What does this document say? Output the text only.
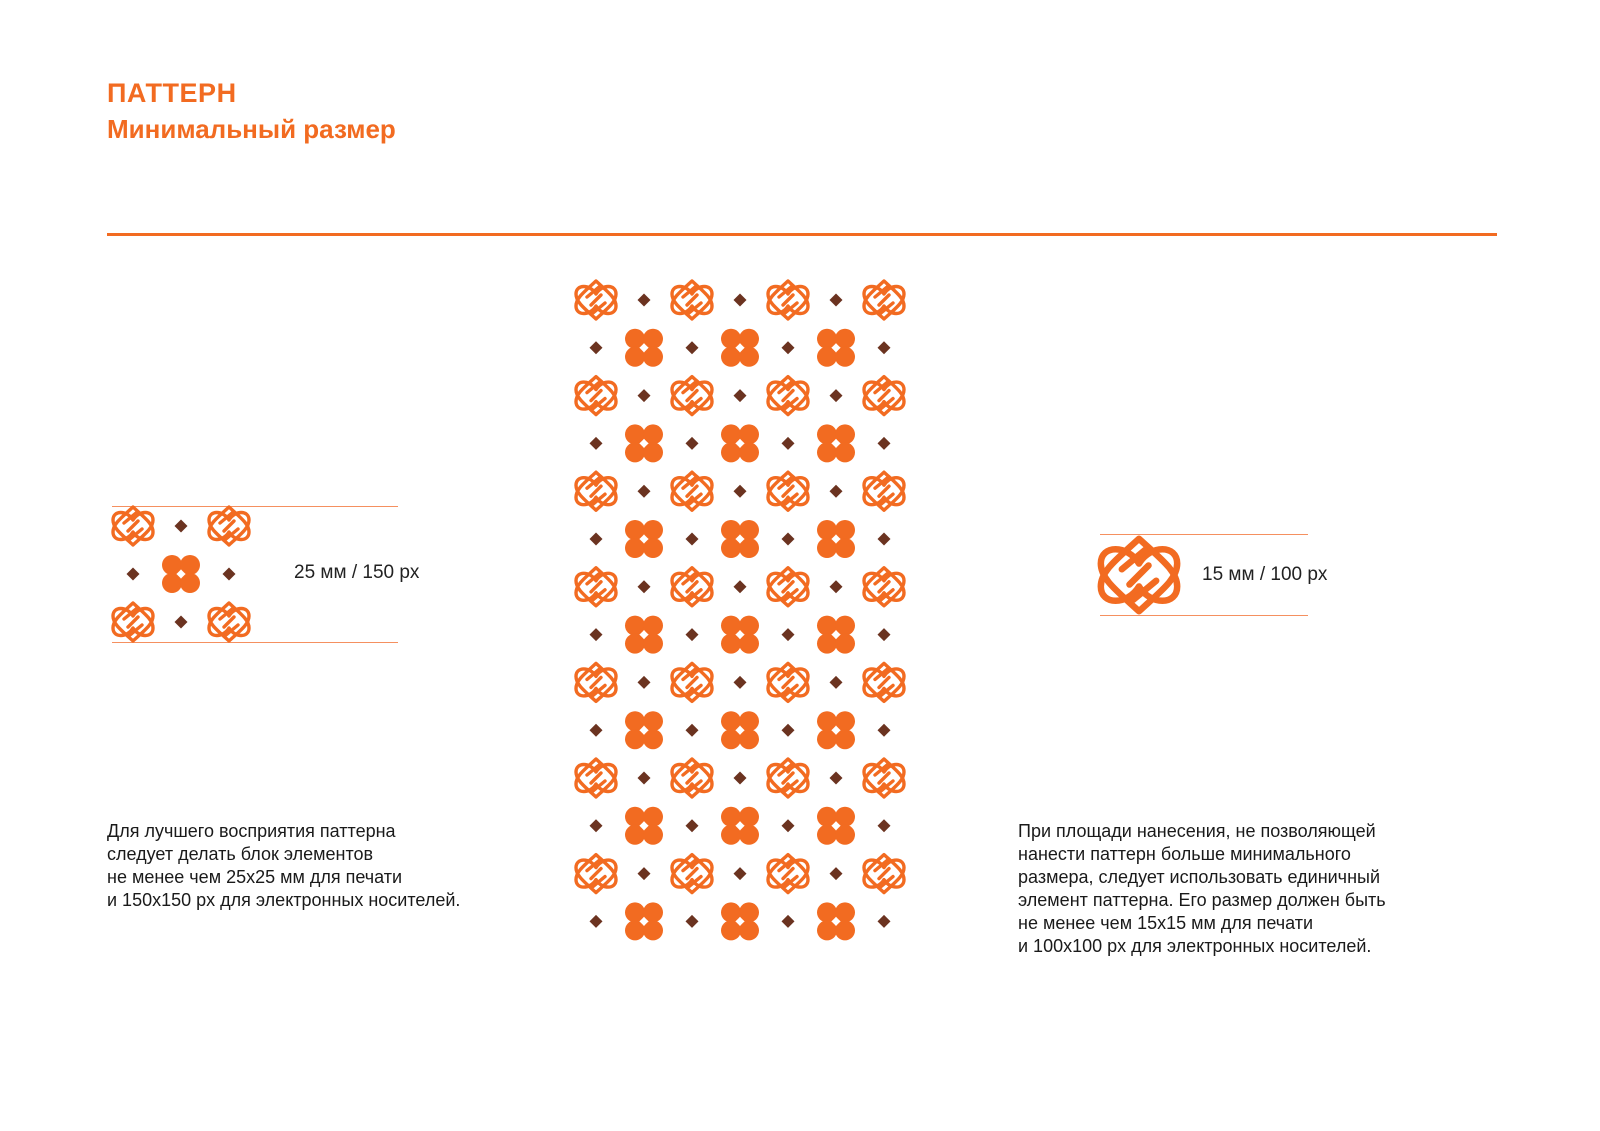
ПАТТЕРН
Минимальный размер

25 мм / 150 px	15 мм / 100 px

Для лучшего восприятия паттерна
следует делать блок элементов
не менее чем 25х25 мм для печати
и 150х150 px для электронных носителей.
При площади нанесения, не позволяющей
нанести паттерн больше минимального
размера, следует использовать единичный
элемент паттерна. Его размер должен быть
не менее чем 15х15 мм для печати
и 100х100 px для электронных носителей.
